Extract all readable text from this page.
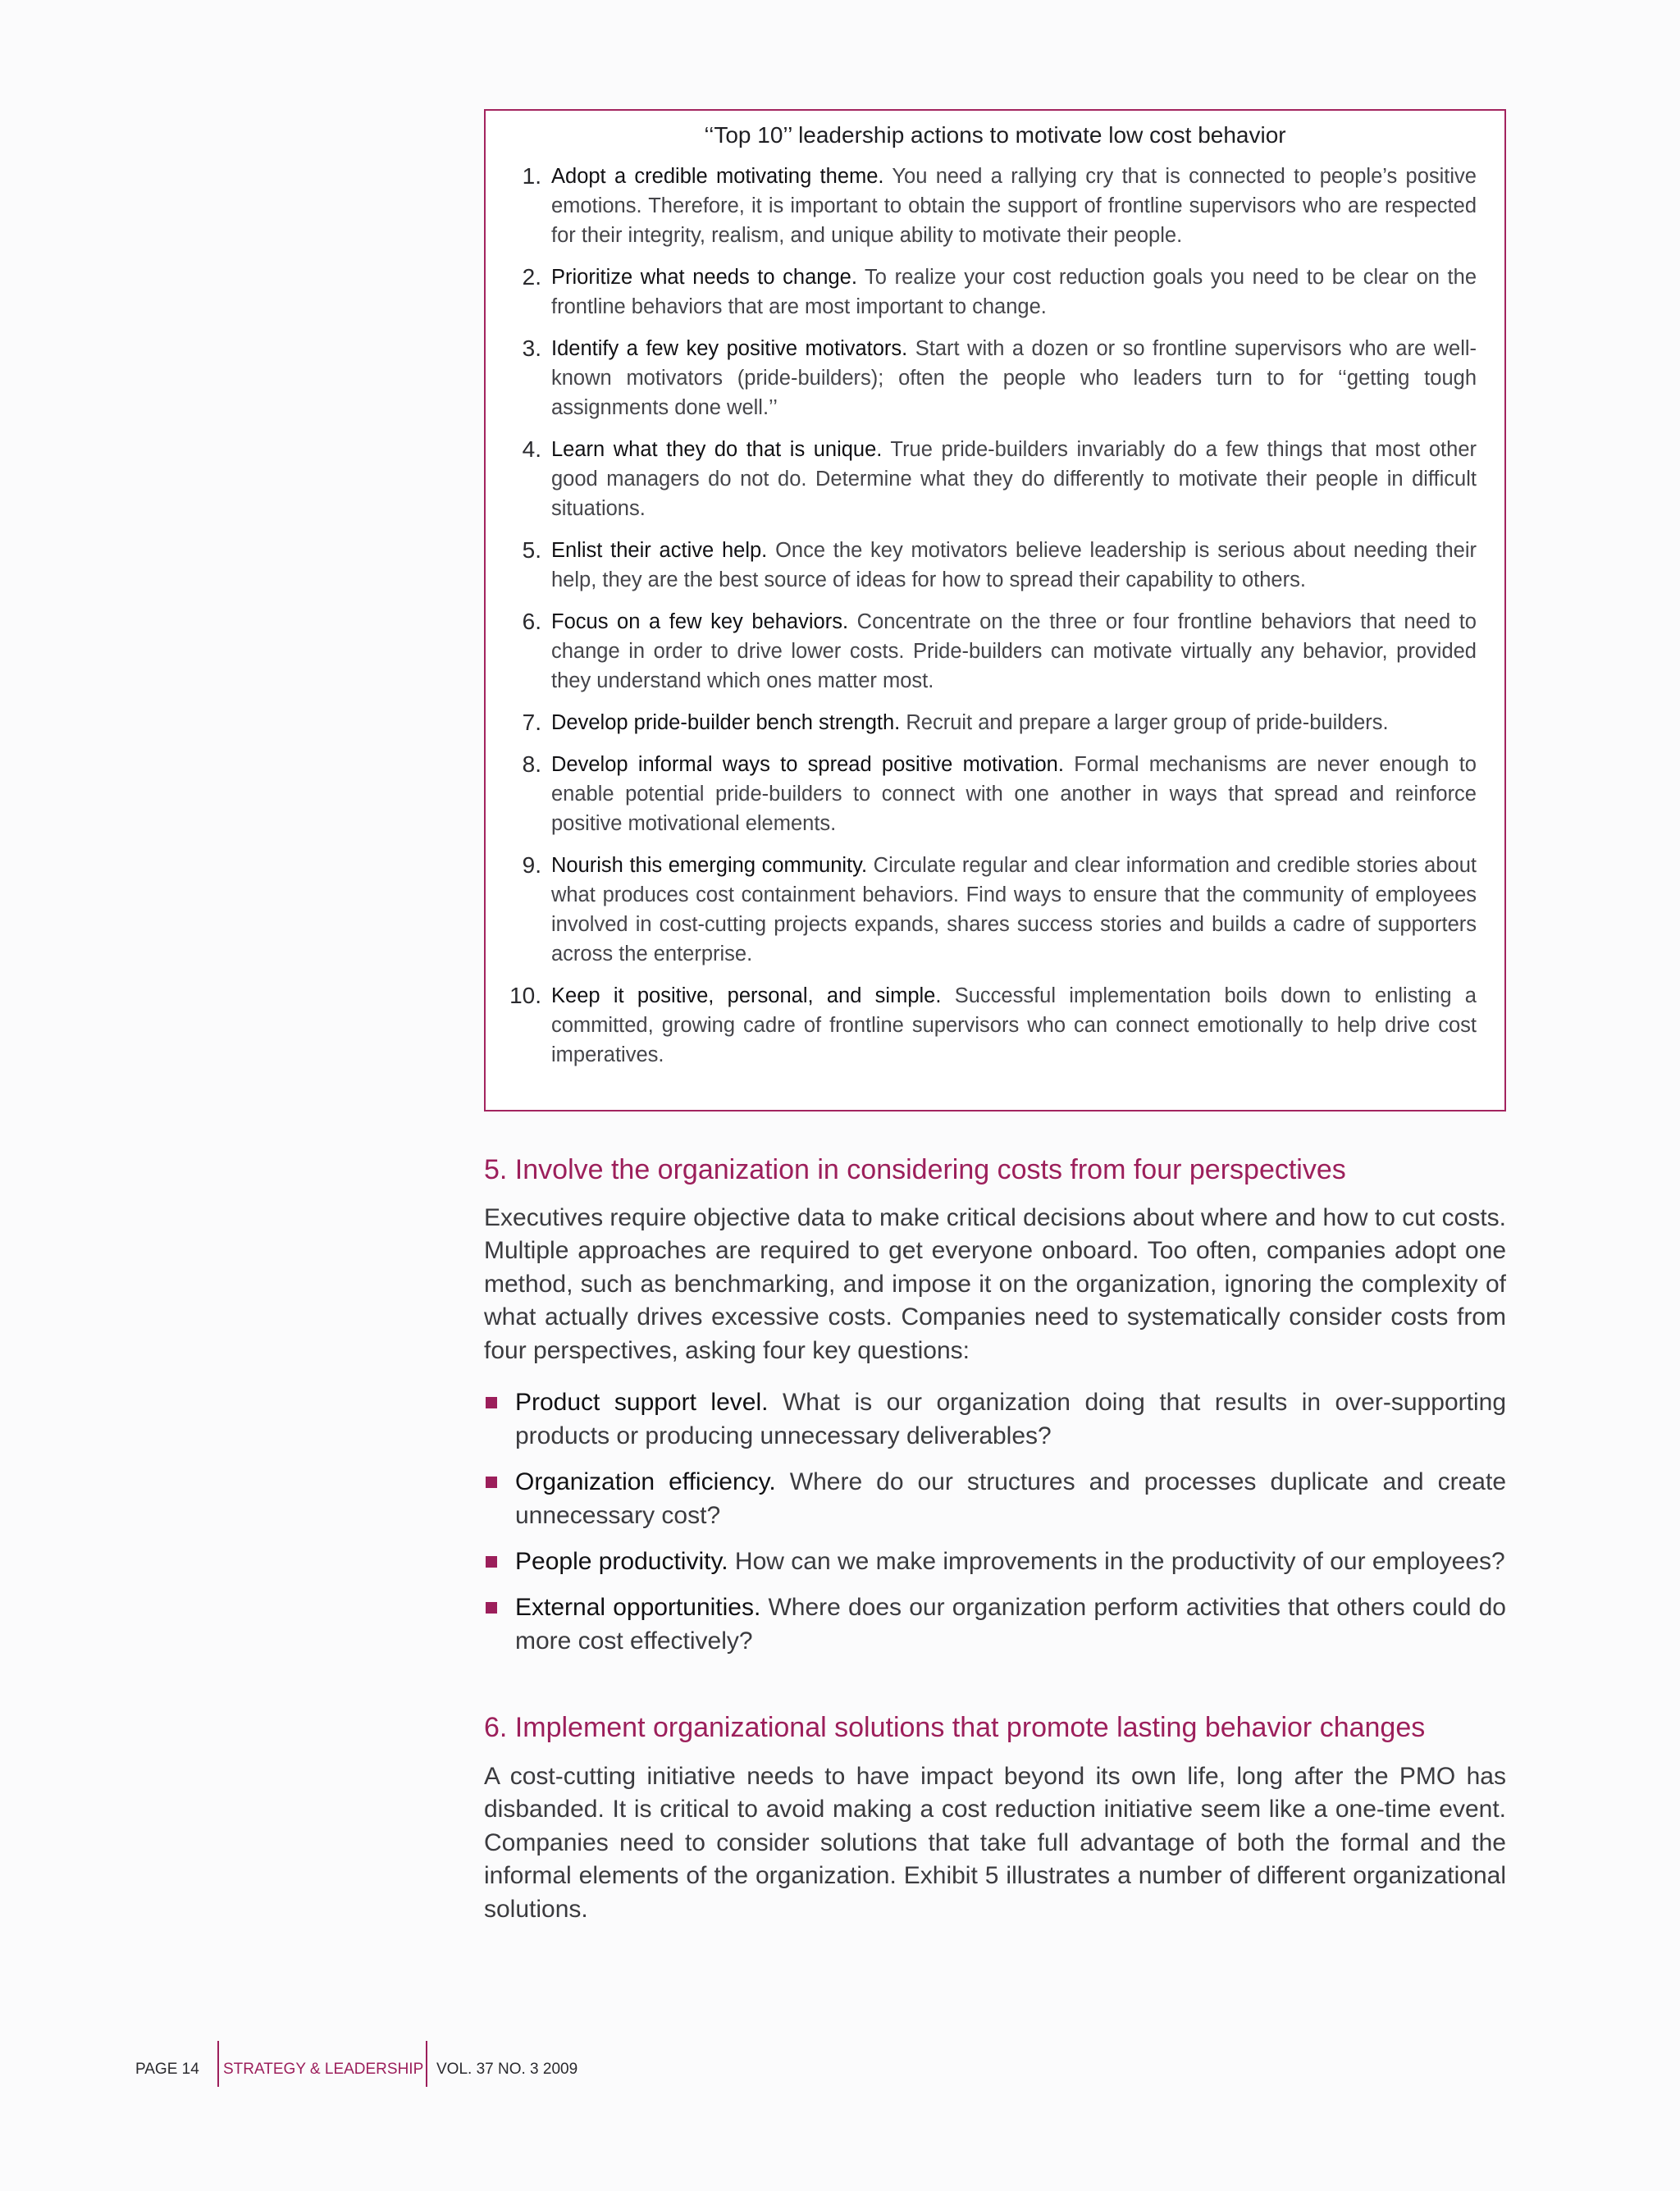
‘‘Top 10’’ leadership actions to motivate low cost behavior
1. Adopt a credible motivating theme. You need a rallying cry that is connected to people’s positive emotions. Therefore, it is important to obtain the support of frontline supervisors who are respected for their integrity, realism, and unique ability to motivate their people.
2. Prioritize what needs to change. To realize your cost reduction goals you need to be clear on the frontline behaviors that are most important to change.
3. Identify a few key positive motivators. Start with a dozen or so frontline supervisors who are well-known motivators (pride-builders); often the people who leaders turn to for ‘‘getting tough assignments done well.’’
4. Learn what they do that is unique. True pride-builders invariably do a few things that most other good managers do not do. Determine what they do differently to motivate their people in difficult situations.
5. Enlist their active help. Once the key motivators believe leadership is serious about needing their help, they are the best source of ideas for how to spread their capability to others.
6. Focus on a few key behaviors. Concentrate on the three or four frontline behaviors that need to change in order to drive lower costs. Pride-builders can motivate virtually any behavior, provided they understand which ones matter most.
7. Develop pride-builder bench strength. Recruit and prepare a larger group of pride-builders.
8. Develop informal ways to spread positive motivation. Formal mechanisms are never enough to enable potential pride-builders to connect with one another in ways that spread and reinforce positive motivational elements.
9. Nourish this emerging community. Circulate regular and clear information and credible stories about what produces cost containment behaviors. Find ways to ensure that the community of employees involved in cost-cutting projects expands, shares success stories and builds a cadre of supporters across the enterprise.
10. Keep it positive, personal, and simple. Successful implementation boils down to enlisting a committed, growing cadre of frontline supervisors who can connect emotionally to help drive cost imperatives.
5. Involve the organization in considering costs from four perspectives

Executives require objective data to make critical decisions about where and how to cut costs. Multiple approaches are required to get everyone onboard. Too often, companies adopt one method, such as benchmarking, and impose it on the organization, ignoring the complexity of what actually drives excessive costs. Companies need to systematically consider costs from four perspectives, asking four key questions:

Product support level. What is our organization doing that results in over-supporting products or producing unnecessary deliverables?
Organization efficiency. Where do our structures and processes duplicate and create unnecessary cost?
People productivity. How can we make improvements in the productivity of our employees?
External opportunities. Where does our organization perform activities that others could do more cost effectively?
6. Implement organizational solutions that promote lasting behavior changes

A cost-cutting initiative needs to have impact beyond its own life, long after the PMO has disbanded. It is critical to avoid making a cost reduction initiative seem like a one-time event. Companies need to consider solutions that take full advantage of both the formal and the informal elements of the organization. Exhibit 5 illustrates a number of different organizational solutions.

PAGE 14 STRATEGY & LEADERSHIP VOL. 37 NO. 3 2009
